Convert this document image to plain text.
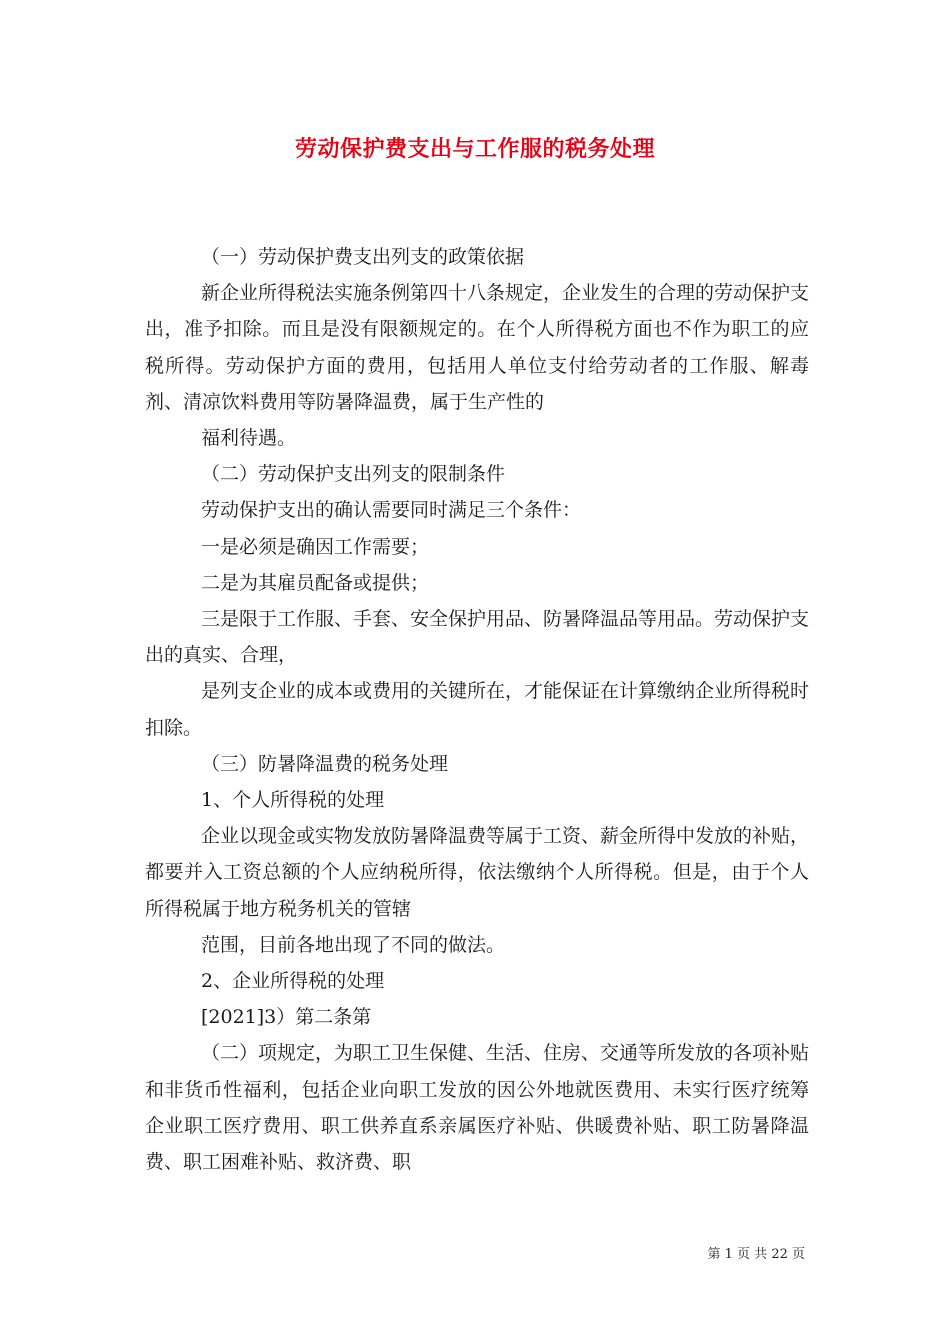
劳动保护费支出与工作服的税务处理

（一）劳动保护费支出列支的政策依据

新企业所得税法实施条例第四十八条规定，企业发生的合理的劳动保护支出，准予扣除。而且是没有限额规定的。在个人所得税方面也不作为职工的应税所得。劳动保护方面的费用，包括用人单位支付给劳动者的工作服、解毒剂、清凉饮料费用等防暑降温费，属于生产性的

福利待遇。

（二）劳动保护支出列支的限制条件

劳动保护支出的确认需要同时满足三个条件：

一是必须是确因工作需要；

二是为其雇员配备或提供；

三是限于工作服、手套、安全保护用品、防暑降温品等用品。劳动保护支出的真实、合理，

是列支企业的成本或费用的关键所在，才能保证在计算缴纳企业所得税时扣除。

（三）防暑降温费的税务处理

1、个人所得税的处理

企业以现金或实物发放防暑降温费等属于工资、薪金所得中发放的补贴，都要并入工资总额的个人应纳税所得，依法缴纳个人所得税。但是，由于个人所得税属于地方税务机关的管辖

范围，目前各地出现了不同的做法。

2、企业所得税的处理

[2021]3）第二条第

（二）项规定，为职工卫生保健、生活、住房、交通等所发放的各项补贴和非货币性福利，包括企业向职工发放的因公外地就医费用、未实行医疗统筹企业职工医疗费用、职工供养直系亲属医疗补贴、供暖费补贴、职工防暑降温费、职工困难补贴、救济费、职

第 1 页 共 22 页
